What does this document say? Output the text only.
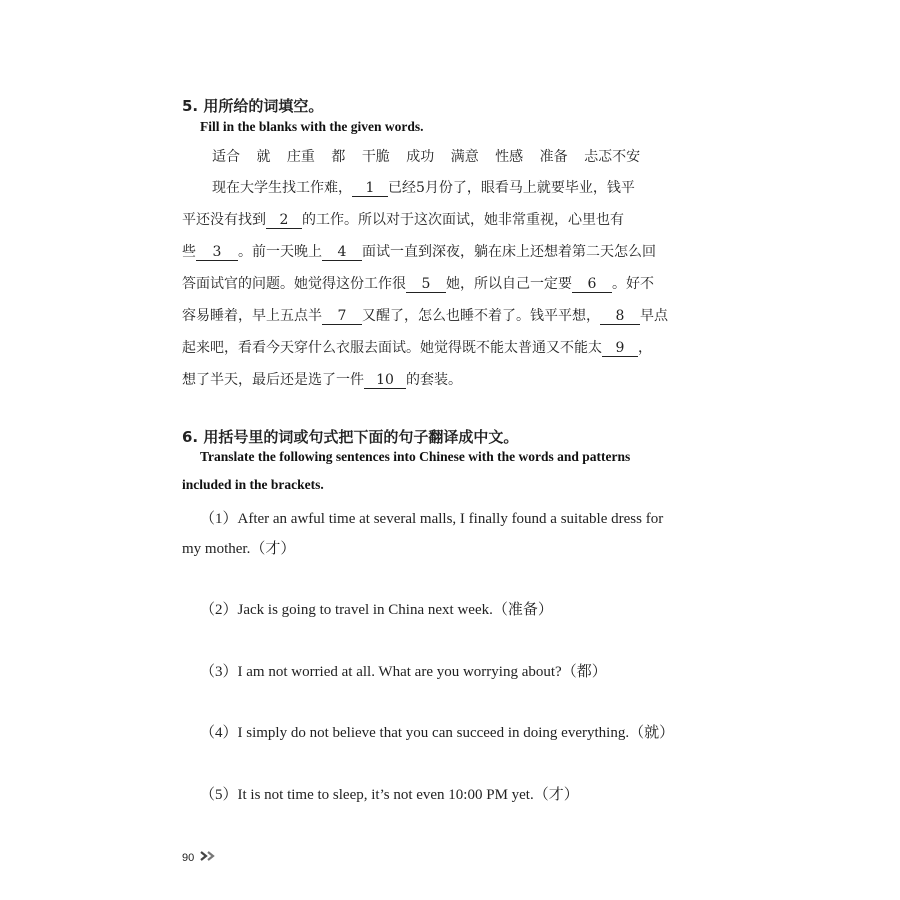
5. 用所给的词填空。
Fill in the blanks with the given words.
适合 就 庄重 都 干脆 成功 满意 性感 准备 忐忑不安
现在大学生找工作难， 1 已经5月份了，眼看马上就要毕业，钱平
平还没有找到 2 的工作。所以对于这次面试，她非常重视，心里也有
些 3 。前一天晚上 4 面试一直到深夜，躺在床上还想着第二天怎么回
答面试官的问题。她觉得这份工作很 5 她，所以自己一定要 6 。好不
容易睡着，早上五点半 7 又醒了，怎么也睡不着了。钱平平想， 8 早点
起来吧，看看今天穿什么衣服去面试。她觉得既不能太普通又不能太 9 ，
想了半天，最后还是选了一件 10 的套装。
6. 用括号里的词或句式把下面的句子翻译成中文。
Translate the following sentences into Chinese with the words and patterns
included in the brackets.
（1）After an awful time at several malls, I finally found a suitable dress for
my mother.（才）
（2）Jack is going to travel in China next week.（准备）
（3）I am not worried at all. What are you worrying about?（都）
（4）I simply do not believe that you can succeed in doing everything.（就）
（5）It is not time to sleep, it’s not even 10:00 PM yet.（才）
90
